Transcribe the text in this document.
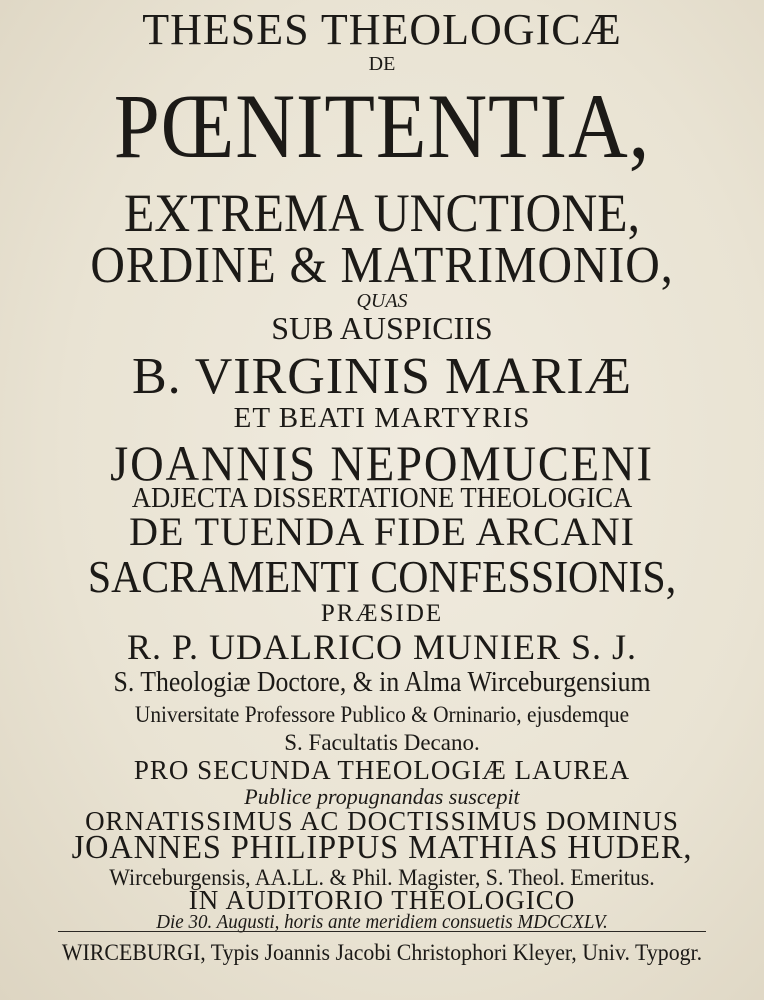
THESES THEOLOGICÆ
DE
PŒNITENTIA,
EXTREMA UNCTIONE,
ORDINE & MATRIMONIO,
QUAS
SUB AUSPICIIS
B. VIRGINIS MARIÆ
ET BEATI MARTYRIS
JOANNIS NEPOMUCENI
ADJECTA DISSERTATIONE THEOLOGICA
DE TUENDA FIDE ARCANI
SACRAMENTI CONFESSIONIS,
PRÆSIDE
R. P. UDALRICO MUNIER S. J.
S. Theologiæ Doctore, & in Alma Wirceburgensium
Universitate Professore Publico & Orninario, ejusdemque
S. Facultatis Decano.
PRO SECUNDA THEOLOGIÆ LAUREA
Publice propugnandas suscepit
ORNATISSIMUS AC DOCTISSIMUS DOMINUS
JOANNES PHILIPPUS MATHIAS HUDER,
Wirceburgensis, AA.LL. & Phil. Magister, S. Theol. Emeritus.
IN AUDITORIO THEOLOGICO
Die 30. Augusti, horis ante meridiem consuetis MDCCXLV.
WIRCEBURGI, Typis Joannis Jacobi Christophori Kleyer, Univ. Typogr.
